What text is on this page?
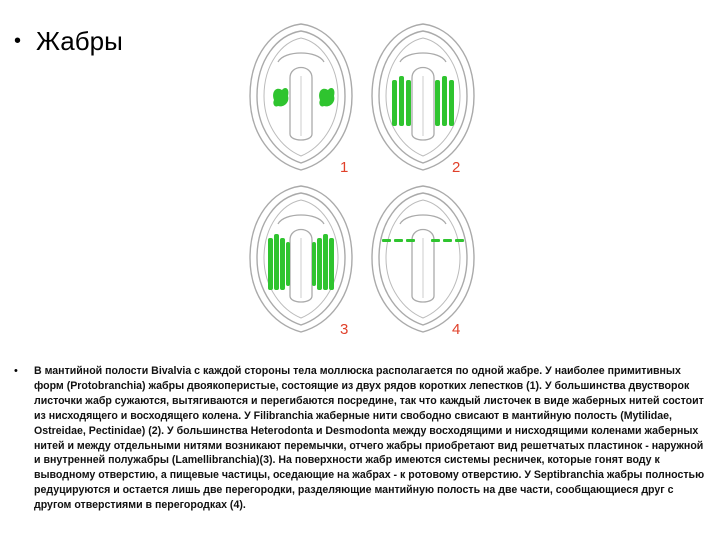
• Жабры
1	2
3	4
•	В мантийной полости Bivalvia с каждой стороны тела моллюска располагается по одной жабре. У наиболее примитивных форм (Protobranchia) жабры двоякоперистые, состоящие из двух рядов коротких лепестков (1). У большинства двустворок листочки жабр сужаются, вытягиваются и перегибаются посредине, так что каждый листочек в виде жаберных нитей состоит из нисходящего и восходящего колена. У Filibranchia жаберные нити свободно свисают в мантийную полость (Mytilidae, Ostreidae, Pectinidae) (2). У большинства Heterodonta и Desmodonta между восходящими и нисходящими коленами жаберных нитей и между отдельными нитями возникают перемычки, отчего жабры приобретают вид решетчатых пластинок - наружной и внутренней полужабры (Lamellibranchia)(3). На поверхности жабр имеются системы ресничек, которые гонят воду к выводному отверстию, а пищевые частицы, оседающие на жабрах - к ротовому отверстию. У Septibranchia жабры полностью редуцируются и остается лишь две перегородки, разделяющие мантийную полость на две части, сообщающиеся друг с другом отверстиями в перегородках (4).
